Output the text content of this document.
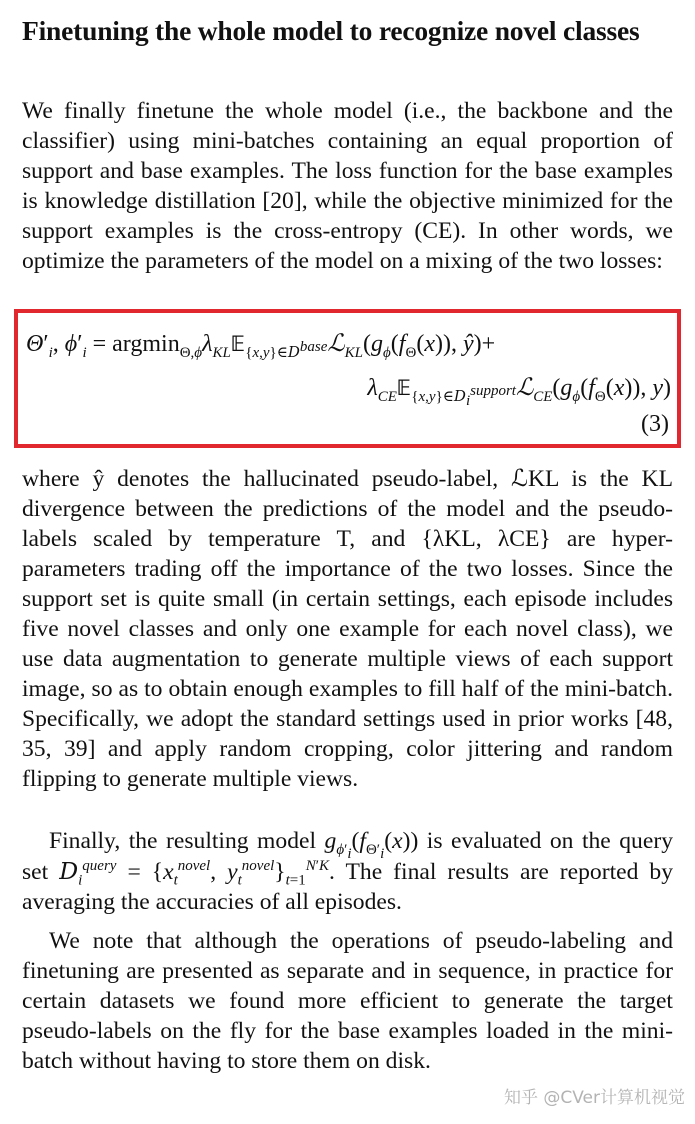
Finetuning the whole model to recognize novel classes
We finally finetune the whole model (i.e., the backbone and the classifier) using mini-batches containing an equal proportion of support and base examples. The loss function for the base examples is knowledge distillation [20], while the objective minimized for the support examples is the cross-entropy (CE). In other words, we optimize the parameters of the model on a mixing of the two losses:
$\Theta'_i$, $\phi'_i$ = $argmin_{\Theta,\phi}\lambda_{KL}𝔼_{\{x,y\}\in D^{base}}ℒ_{KL}(g_\phi(f_\Theta(x))$, ŷ)+
$\lambda_{CE}𝔼_{\{x,y\}\in D_i^{support}}ℒ_{CE}(g_\phi(f_\Theta(x))$, y)
(3)
where ŷ denotes the hallucinated pseudo-label, ℒKL is the KL divergence between the predictions of the model and the pseudo-labels scaled by temperature T, and {λKL, λCE} are hyper-parameters trading off the importance of the two losses. Since the support set is quite small (in certain settings, each episode includes five novel classes and only one example for each novel class), we use data augmentation to generate multiple views of each support image, so as to obtain enough examples to fill half of the mini-batch. Specifically, we adopt the standard settings used in prior works [48, 35, 39] and apply random cropping, color jittering and random flipping to generate multiple views.
Finally, the resulting model $g_{\phi'_i}(f_{\Theta'_i}(x))$ is evaluated on the query set $D_i^{query} = \{x_t^{novel}$, $y_t^{novel}\}_{t=1}^{N'K}$. The final results are reported by averaging the accuracies of all episodes.
We note that although the operations of pseudo-labeling and finetuning are presented as separate and in sequence, in practice for certain datasets we found more efficient to generate the target pseudo-labels on the fly for the base examples loaded in the mini-batch without having to store them on disk.
知乎 @CVer计算机视觉
